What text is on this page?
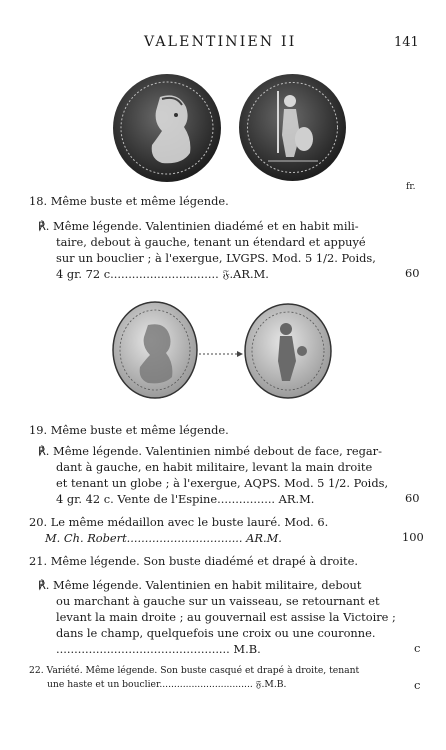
VALENTINIEN II	141
fr.
18. Même buste et même légende.
℟. Même légende. Valentinien diadémé et en habit mili-
taire, debout à gauche, tenant un étendard et appuyé
sur un bouclier ; à l'exergue, LVGPS. Mod. 5 1/2. Poids,
4 gr. 72 c.............................. 𝔉.AR.M.	60
19. Même buste et même légende.
℟. Même légende. Valentinien nimbé debout de face, regar-
dant à gauche, en habit militaire, levant la main droite
et tenant un globe ; à l'exergue, AQPS. Mod. 5 1/2. Poids,
4 gr. 42 c. Vente de l'Espine................ AR.M.	60
20. Le même médaillon avec le buste lauré. Mod. 6.
M. Ch. Robert................................ AR.M.	100
21. Même légende. Son buste diadémé et drapé à droite.
℟. Même légende. Valentinien en habit militaire, debout
ou marchant à gauche sur un vaisseau, se retournant et
levant la main droite ; au gouvernail est assise la Victoire ;
dans le champ, quelquefois une croix ou une couronne.
................................................ M.B.	c
22. Variété. Même légende. Son buste casqué et drapé à droite, tenant
une haste et un bouclier................................ 𝔉.M.B.	c
